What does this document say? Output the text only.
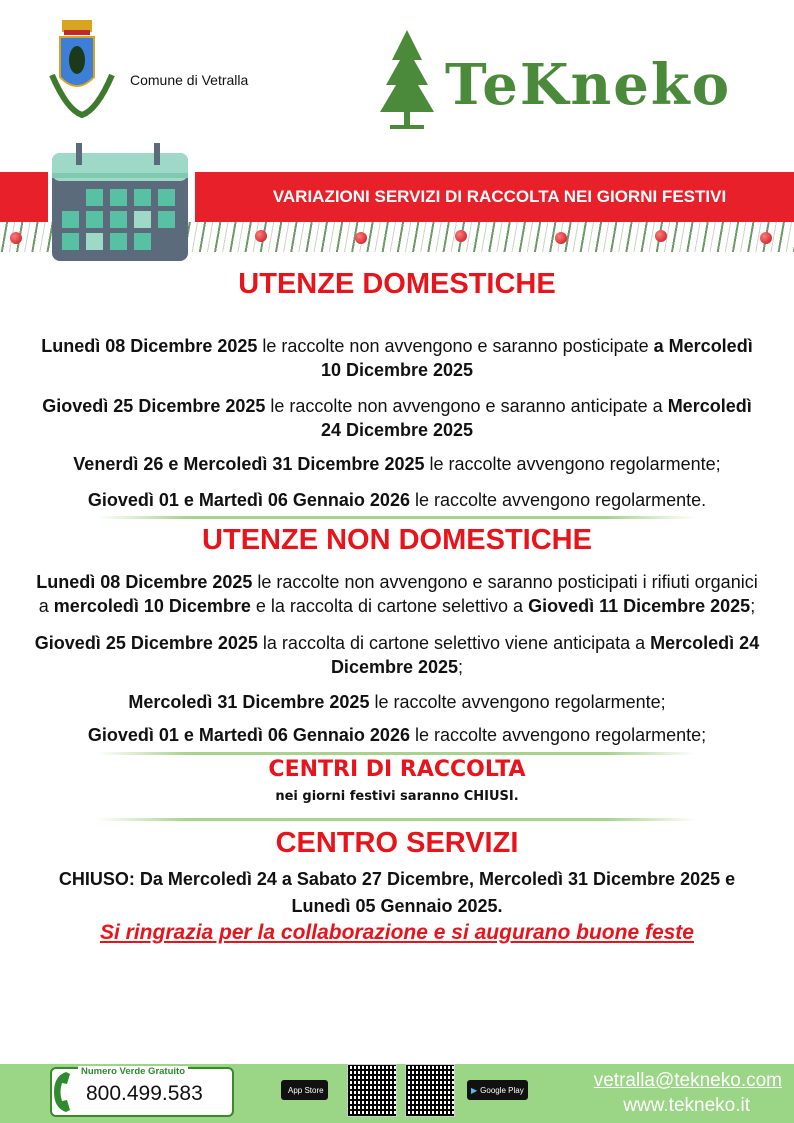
Comune di Vetralla	TeKneko
VARIAZIONI SERVIZI DI RACCOLTA NEI GIORNI FESTIVI
UTENZE DOMESTICHE
Lunedì 08 Dicembre 2025 le raccolte non avvengono e saranno posticipate a Mercoledì 10 Dicembre 2025
Giovedì 25 Dicembre 2025 le raccolte non avvengono e saranno anticipate a Mercoledì 24 Dicembre 2025
Venerdì 26 e Mercoledì 31 Dicembre 2025 le raccolte avvengono regolarmente;
Giovedì 01 e Martedì 06 Gennaio 2026 le raccolte avvengono regolarmente.
UTENZE NON DOMESTICHE
Lunedì 08 Dicembre 2025 le raccolte non avvengono e saranno posticipati i rifiuti organici a mercoledì 10 Dicembre e la raccolta di cartone selettivo a Giovedì 11 Dicembre 2025;
Giovedì 25 Dicembre 2025 la raccolta di cartone selettivo viene anticipata a Mercoledì 24 Dicembre 2025;
Mercoledì 31 Dicembre 2025 le raccolte avvengono regolarmente;
Giovedì 01 e Martedì 06 Gennaio 2026 le raccolte avvengono regolarmente;
CENTRI DI RACCOLTA
nei giorni festivi saranno CHIUSI.
CENTRO SERVIZI
CHIUSO: Da Mercoledì 24 a Sabato 27 Dicembre, Mercoledì 31 Dicembre 2025 e Lunedì 05 Gennaio 2025.
Si ringrazia per la collaborazione e si augurano buone feste
Numero Verde Gratuito
800.499.583	App Store	▶ Google Play	vetralla@tekneko.com
www.tekneko.it
